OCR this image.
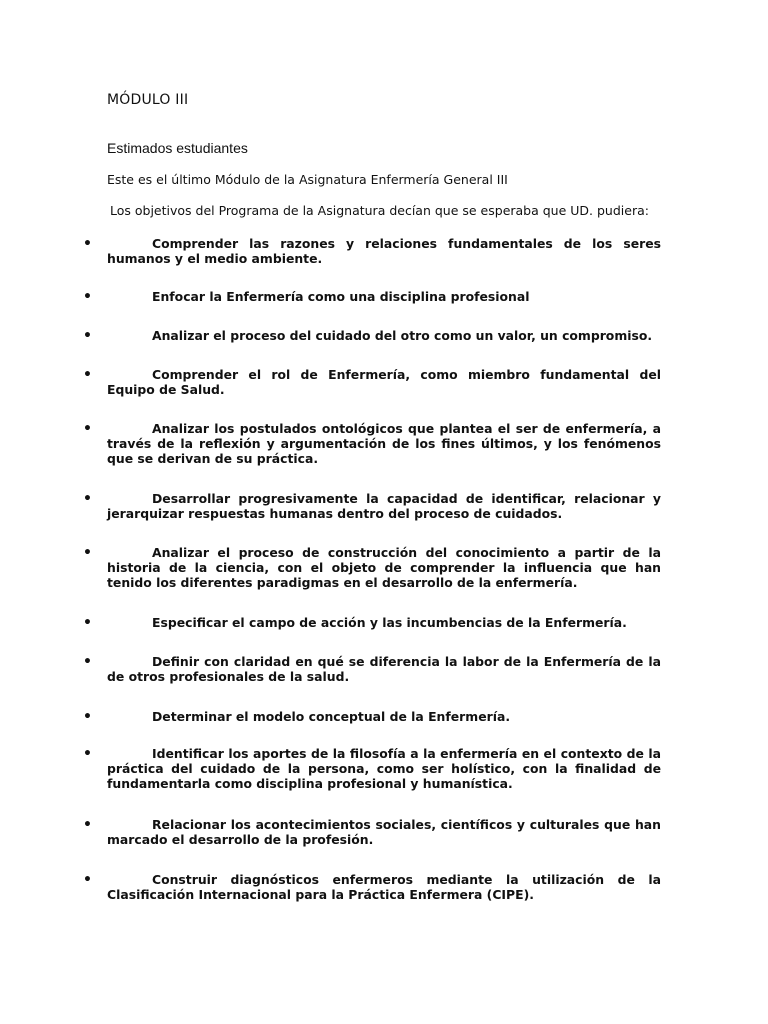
MÓDULO III
Estimados estudiantes
Este es el último Módulo de la Asignatura Enfermería General III
Los objetivos del Programa de la Asignatura decían que se esperaba que UD. pudiera:
•	Comprender las razones y relaciones fundamentales de los seres humanos y el medio ambiente.
•	Enfocar la Enfermería como una disciplina profesional
•	Analizar el proceso del cuidado del otro como un valor, un compromiso.
•	Comprender el rol de Enfermería, como miembro fundamental del Equipo de Salud.
•	Analizar los postulados ontológicos que plantea el ser de enfermería, a través de la reflexión y argumentación de los fines últimos, y los fenómenos que se derivan de su práctica.
•	Desarrollar progresivamente la capacidad de identificar, relacionar y jerarquizar respuestas humanas dentro del proceso de cuidados.
•	Analizar el proceso de construcción del conocimiento a partir de la historia de la ciencia, con el objeto de comprender la influencia que han tenido los diferentes paradigmas en el desarrollo de la enfermería.
•	Especificar el campo de acción y las incumbencias de la Enfermería.
•	Definir con claridad en qué se diferencia la labor de la Enfermería de la de otros profesionales de la salud.
•	Determinar el modelo conceptual de la Enfermería.
•	Identificar los aportes de la filosofía a la enfermería en el contexto de la práctica del cuidado de la persona, como ser holístico, con la finalidad de fundamentarla como disciplina profesional y humanística.
•	Relacionar los acontecimientos sociales, científicos y culturales que han marcado el desarrollo de la profesión.
•	Construir diagnósticos enfermeros mediante la utilización de la Clasificación Internacional para la Práctica Enfermera (CIPE).
